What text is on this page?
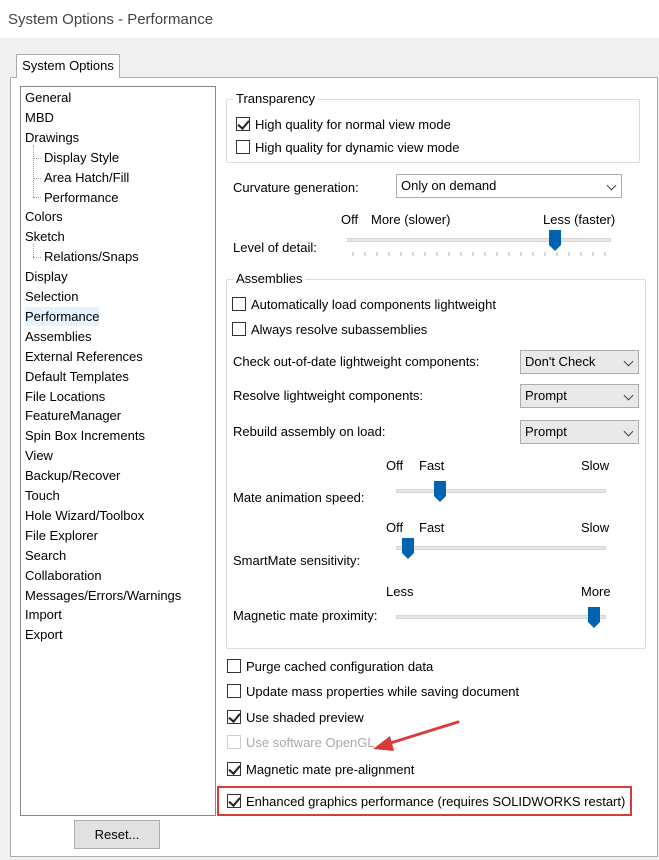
System Options - Performance
System Options
General
MBD
Drawings
Display Style
Area Hatch/Fill
Performance
Colors
Sketch
Relations/Snaps
Display
Selection
Performance
Assemblies
External References
Default Templates
File Locations
FeatureManager
Spin Box Increments
View
Backup/Recover
Touch
Hole Wizard/Toolbox
File Explorer
Search
Collaboration
Messages/Errors/Warnings
Import
Export
Transparency
High quality for normal view mode
High quality for dynamic view mode
Curvature generation:	Only on demand
Off More (slower)	Less (faster)
Level of detail:
Assemblies
Automatically load components lightweight
Always resolve subassemblies
Check out-of-date lightweight components:	Don't Check
Resolve lightweight components:	Prompt
Rebuild assembly on load:	Prompt
Off Fast	Slow
Mate animation speed:
Off Fast	Slow
SmartMate sensitivity:
Less	More
Magnetic mate proximity:
Purge cached configuration data
Update mass properties while saving document
Use shaded preview
Use software OpenGL
Magnetic mate pre-alignment
Enhanced graphics performance (requires SOLIDWORKS restart)
Reset...
